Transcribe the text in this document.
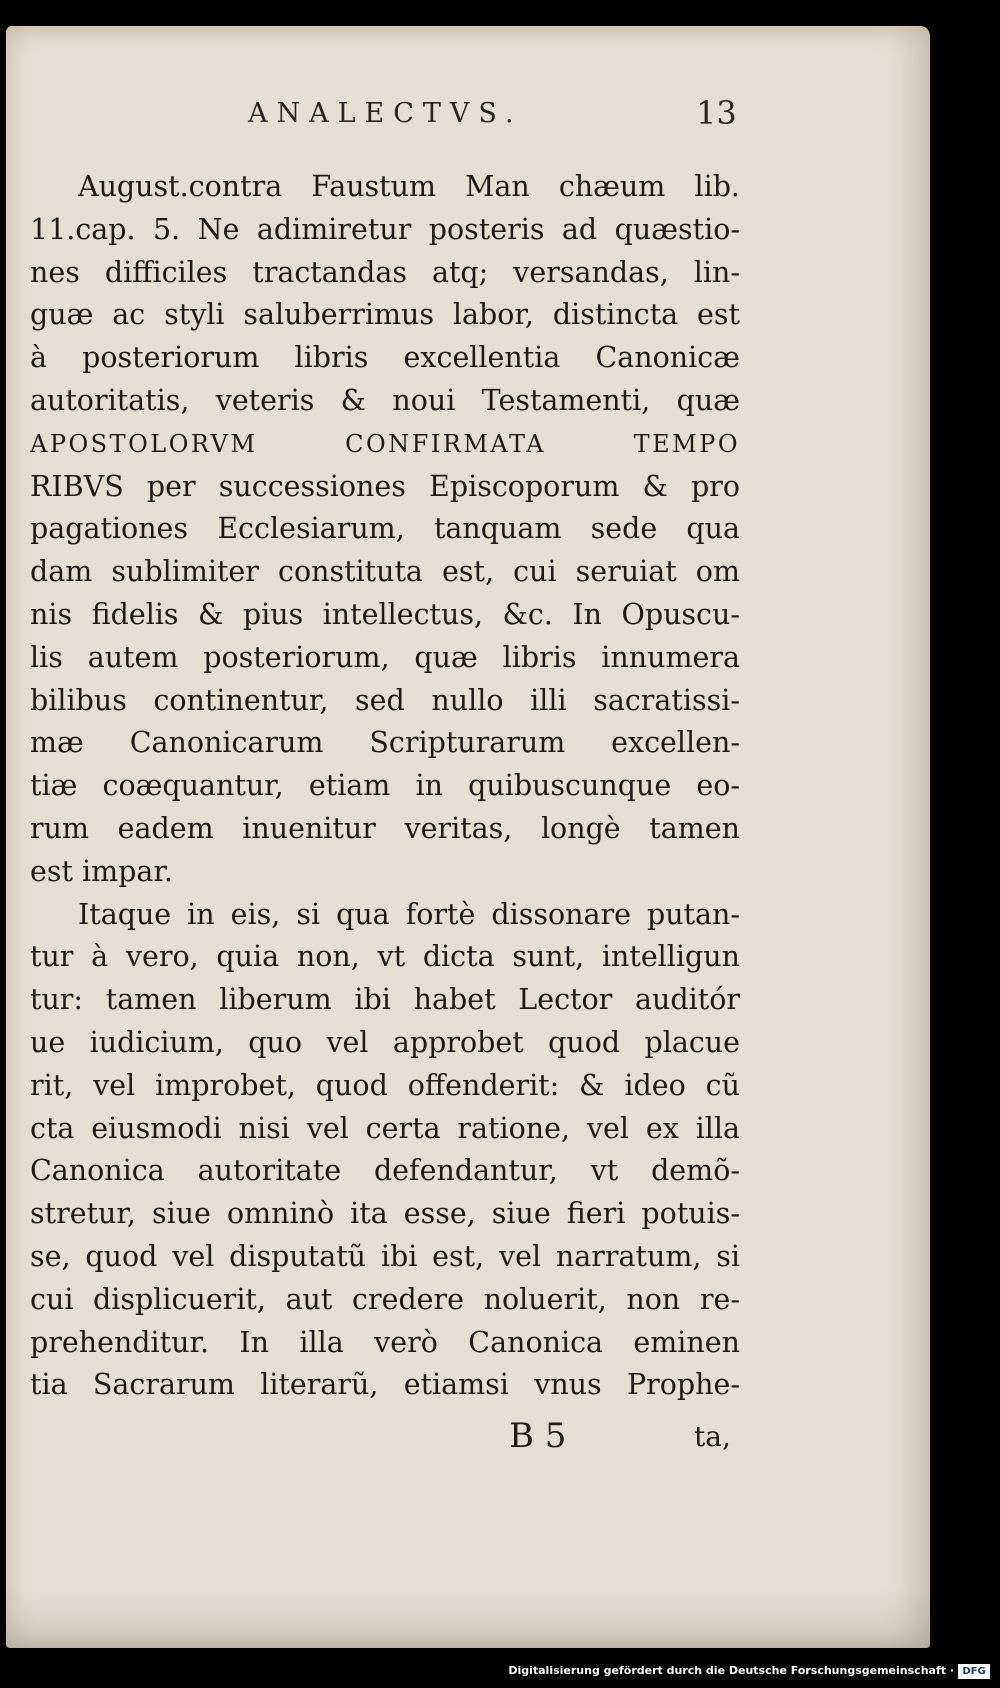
ANALECTVS.	13
August.contra Faustum Man chæum lib.
11.cap. 5. Ne adimiretur posteris ad quæstio-
nes difficiles tractandas atq; versandas, lin-
guæ ac styli saluberrimus labor, distincta est
à posteriorum libris excellentia Canonicæ
autoritatis, veteris & noui Testamenti, quæ
APOSTOLORVM CONFIRMATA TEMPO
RIBVS per successiones Episcoporum & pro
pagationes Ecclesiarum, tanquam sede qua
dam sublimiter constituta est, cui seruiat om
nis fidelis & pius intellectus, &c. In Opuscu-
lis autem posteriorum, quæ libris innumera
bilibus continentur, sed nullo illi sacratissi-
mæ Canonicarum Scripturarum excellen-
tiæ coæquantur, etiam in quibuscunque eo-
rum eadem inuenitur veritas, longè tamen
est impar.
Itaque in eis, si qua fortè dissonare putan-
tur à vero, quia non, vt dicta sunt, intelligun
tur: tamen liberum ibi habet Lector auditór
ue iudicium, quo vel approbet quod placue
rit, vel improbet, quod offenderit: & ideo cũ
cta eiusmodi nisi vel certa ratione, vel ex illa
Canonica autoritate defendantur, vt demõ-
stretur, siue omninò ita esse, siue fieri potuis-
se, quod vel disputatũ ibi est, vel narratum, si
cui displicuerit, aut credere noluerit, non re-
prehenditur. In illa verò Canonica eminen
tia Sacrarum literarũ, etiamsi vnus Prophe-
B 5	ta,
Digitalisierung gefördert durch die Deutsche Forschungsgemeinschaft · DFG
